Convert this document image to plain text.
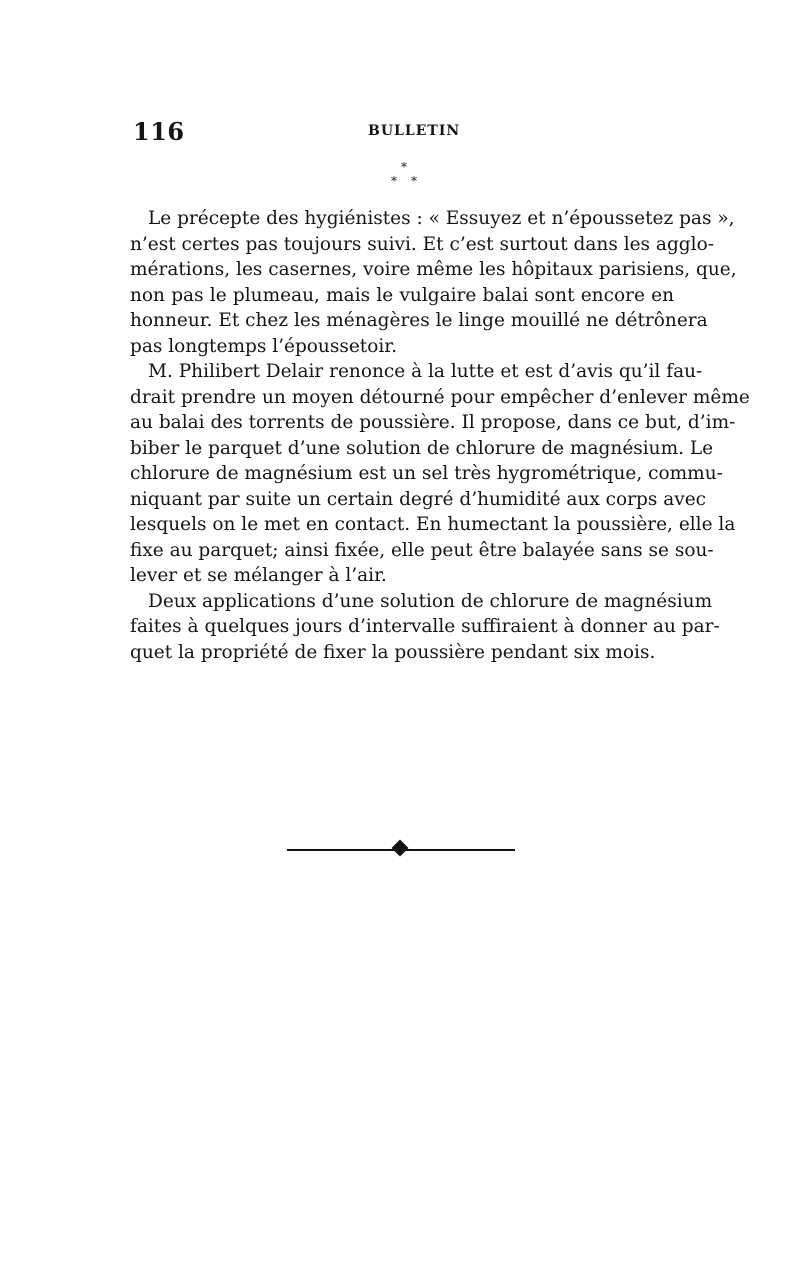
116	BULLETIN
*
* *

Le précepte des hygiénistes : « Essuyez et n’époussetez pas »,
n’est certes pas toujours suivi. Et c’est surtout dans les agglo-
mérations, les casernes, voire même les hôpitaux parisiens, que,
non pas le plumeau, mais le vulgaire balai sont encore en
honneur. Et chez les ménagères le linge mouillé ne détrônera
pas longtemps l’époussetoir.

M. Philibert Delair renonce à la lutte et est d’avis qu’il fau-
drait prendre un moyen détourné pour empêcher d’enlever même
au balai des torrents de poussière. Il propose, dans ce but, d’im-
biber le parquet d’une solution de chlorure de magnésium. Le
chlorure de magnésium est un sel très hygrométrique, commu-
niquant par suite un certain degré d’humidité aux corps avec
lesquels on le met en contact. En humectant la poussière, elle la
fixe au parquet; ainsi fixée, elle peut être balayée sans se sou-
lever et se mélanger à l’air.

Deux applications d’une solution de chlorure de magnésium
faites à quelques jours d’intervalle suffiraient à donner au par-
quet la propriété de fixer la poussière pendant six mois.
